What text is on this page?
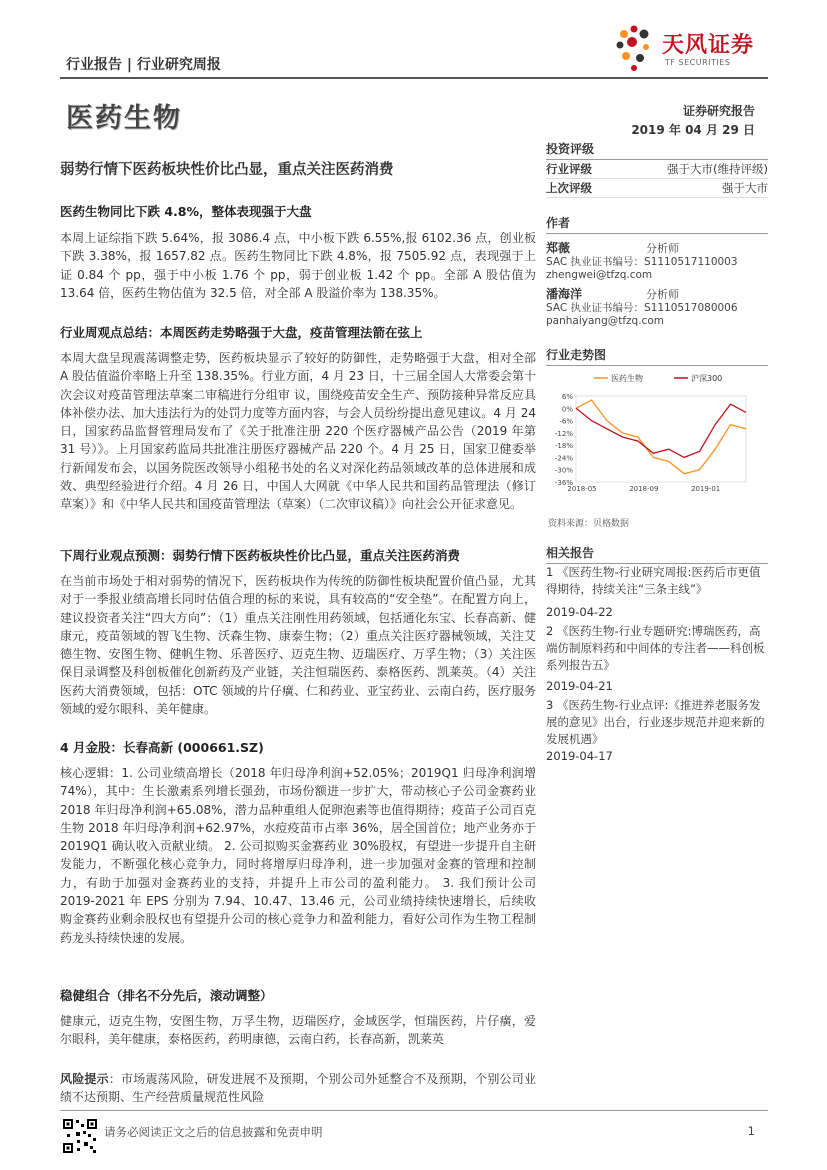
天风证券
TF SECURITIES
行业报告 | 行业研究周报
医药生物	证券研究报告
2019 年 04 月 29 日
弱势行情下医药板块性价比凸显，重点关注医药消费
医药生物同比下跌 4.8%，整体表现强于大盘
本周上证综指下跌 5.64%，报 3086.4 点，中小板下跌 6.55%,报 6102.36 点，创业板下跌 3.38%，报 1657.82 点。医药生物同比下跌 4.8%，报 7505.92 点，表现强于上证 0.84 个 pp，强于中小板 1.76 个 pp，弱于创业板 1.42 个 pp。全部 A 股估值为 13.64 倍，医药生物估值为 32.5 倍，对全部 A 股溢价率为 138.35%。
行业周观点总结：本周医药走势略强于大盘，疫苗管理法箭在弦上
本周大盘呈现震荡调整走势，医药板块显示了较好的防御性，走势略强于大盘，相对全部 A 股估值溢价率略上升至 138.35%。行业方面，4 月 23 日，十三届全国人大常委会第十次会议对疫苗管理法草案二审稿进行分组审 议，围绕疫苗安全生产、预防接种异常反应具体补偿办法、加大违法行为的处罚力度等方面内容，与会人员纷纷提出意见建议。4 月 24 日，国家药品监督管理局发布了《关于批准注册 220 个医疗器械产品公告（2019 年第 31 号）》。上月国家药监局共批准注册医疗器械产品 220 个。4 月 25 日，国家卫健委举行新闻发布会，以国务院医改领导小组秘书处的名义对深化药品领域改革的总体进展和成效、典型经验进行介绍。4 月 26 日，中国人大网就《中华人民共和国药品管理法（修订草案）》和《中华人民共和国疫苗管理法（草案）（二次审议稿）》向社会公开征求意见。
下周行业观点预测：弱势行情下医药板块性价比凸显，重点关注医药消费
在当前市场处于相对弱势的情况下，医药板块作为传统的防御性板块配置价值凸显，尤其对于一季报业绩高增长同时估值合理的标的来说，具有较高的“安全垫”。在配置方向上，建议投资者关注“四大方向”：（1）重点关注刚性用药领域，包括通化东宝、长春高新、健康元，疫苗领域的智飞生物、沃森生物、康泰生物；（2）重点关注医疗器械领域，关注艾德生物、安图生物、健帆生物、乐普医疗、迈克生物、迈瑞医疗、万孚生物；（3）关注医保目录调整及科创板催化创新药及产业链，关注恒瑞医药、泰格医药、凯莱英。（4）关注医药大消费领域，包括：OTC 领域的片仔癀、仁和药业、亚宝药业、云南白药，医疗服务领域的爱尔眼科、美年健康。
4 月金股：长春高新 (000661.SZ)
核心逻辑：1. 公司业绩高增长（2018 年归母净利润+52.05%；2019Q1 归母净利润增 74%），其中：生长激素系列增长强劲，市场份额进一步扩大，带动核心子公司金赛药业 2018 年归母净利润+65.08%，潜力品种重组人促卵泡素等也值得期待；疫苗子公司百克生物 2018 年归母净利润+62.97%，水痘疫苗市占率 36%，居全国首位；地产业务亦于 2019Q1 确认收入贡献业绩。 2. 公司拟购买金赛药业 30%股权，有望进一步提升自主研发能力，不断强化核心竞争力，同时将增厚归母净利，进一步加强对金赛的管理和控制力，有助于加强对金赛药业的支持，并提升上市公司的盈利能力。 3. 我们预计公司 2019-2021 年 EPS 分别为 7.94、10.47、13.46 元，公司业绩持续快速增长，后续收购金赛药业剩余股权也有望提升公司的核心竞争力和盈利能力，看好公司作为生物工程制药龙头持续快速的发展。
稳健组合（排名不分先后，滚动调整）
健康元，迈克生物，安图生物，万孚生物，迈瑞医疗，金域医学，恒瑞医药，片仔癀，爱尔眼科，美年健康，泰格医药，药明康德，云南白药，长春高新，凯莱英
风险提示：市场震荡风险，研发进展不及预期，个别公司外延整合不及预期，个别公司业绩不达预期、生产经营质量规范性风险
投资评级
行业评级	强于大市(维持评级)
上次评级	强于大市
作者
郑薇	分析师
SAC 执业证书编号：S1110517110003
zhengwei@tfzq.com
潘海洋	分析师
SAC 执业证书编号：S1110517080006
panhaiyang@tfzq.com
行业走势图
6%
0%
-6%
-12%
-18%
-24%
-30%
-36%
2018-05	2018-09	2019-01
医药生物	沪深300
资料来源：贝格数据
相关报告
1 《医药生物-行业研究周报:医药后市更值得期待，持续关注“三条主线”》
2019-04-22
2 《医药生物-行业专题研究:博瑞医药，高端仿制原料药和中间体的专注者——科创板系列报告五》
2019-04-21
3 《医药生物-行业点评:《推进养老服务发展的意见》出台，行业逐步规范并迎来新的发展机遇》
2019-04-17
请务必阅读正文之后的信息披露和免责申明	1
